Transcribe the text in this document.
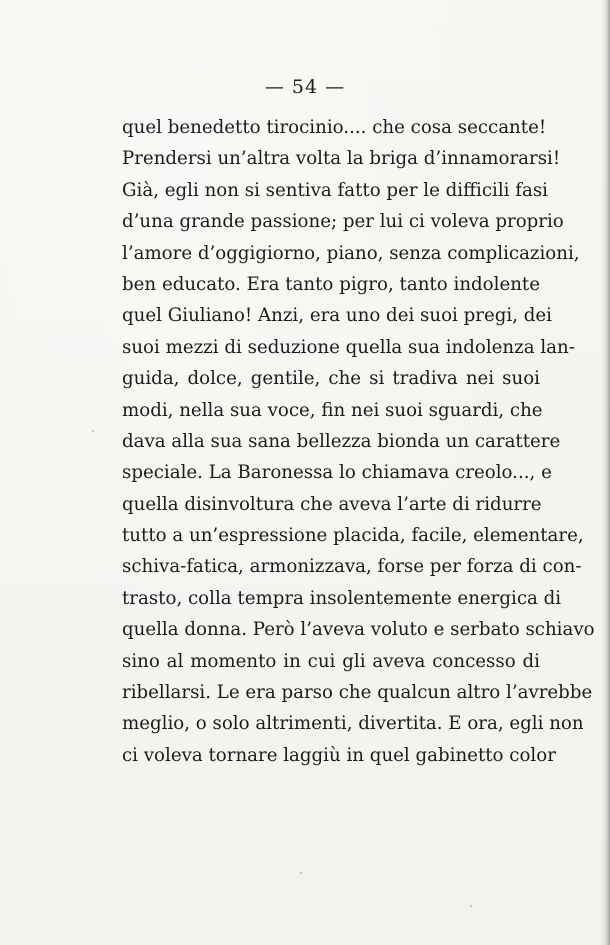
— 54 —
quel benedetto tirocinio.... che cosa seccante!
Prendersi un’altra volta la briga d’innamorarsi!
Già, egli non si sentiva fatto per le difficili fasi
d’una grande passione; per lui ci voleva proprio
l’amore d’oggigiorno, piano, senza complicazioni,
ben educato. Era tanto pigro, tanto indolente
quel Giuliano! Anzi, era uno dei suoi pregi, dei
suoi mezzi di seduzione quella sua indolenza lan-
guida, dolce, gentile, che si tradiva nei suoi
modi, nella sua voce, fin nei suoi sguardi, che
dava alla sua sana bellezza bionda un carattere
speciale. La Baronessa lo chiamava creolo..., e
quella disinvoltura che aveva l’arte di ridurre
tutto a un’espressione placida, facile, elementare,
schiva-fatica, armonizzava, forse per forza di con-
trasto, colla tempra insolentemente energica di
quella donna. Però l’aveva voluto e serbato schiavo
sino al momento in cui gli aveva concesso di
ribellarsi. Le era parso che qualcun altro l’avrebbe
meglio, o solo altrimenti, divertita. E ora, egli non
ci voleva tornare laggiù in quel gabinetto color
